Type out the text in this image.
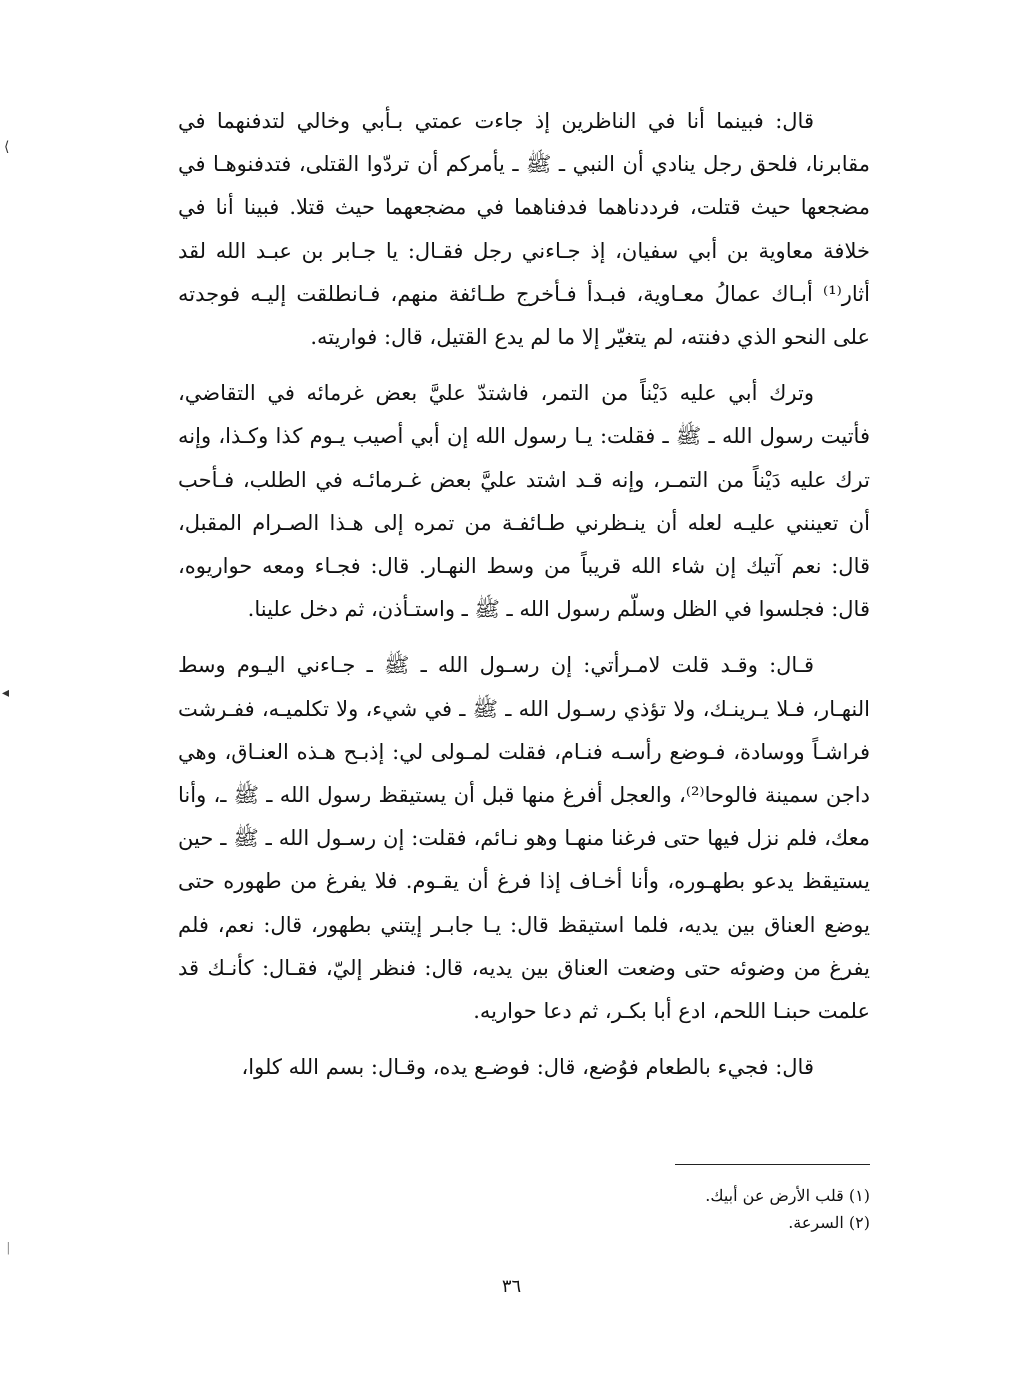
قال: فبينما أنا في الناظرين إذ جاءت عمتي بـأبي وخالي لتدفنهما في مقابرنا، فلحق رجل ينادي أن النبي ـ ﷺ ـ يأمركم أن تردّوا القتلى، فتدفنوهـا في مضجعها حيث قتلت، فرددناهما فدفناهما في مضجعهما حيث قتلا. فبينا أنا في خلافة معاوية بن أبي سفيان، إذ جـاءني رجل فقـال: يا جـابر بن عبـد الله لقد أثار⁽¹⁾ أبـاك عمالُ معـاوية، فبـدأ فـأخرج طـائفة منهم، فـانطلقت إليـه فوجدته على النحو الذي دفنته، لم يتغيّر إلا ما لم يدع القتيل، قال: فواريته.

وترك أبي عليه دَيْناً من التمر، فاشتدّ عليَّ بعض غرمائه في التقاضي، فأتيت رسول الله ـ ﷺ ـ فقلت: يـا رسول الله إن أبي أصيب يـوم كذا وكـذا، وإنه ترك عليه دَيْناً من التمـر، وإنه قـد اشتد عليَّ بعض غـرمائـه في الطلب، فـأحب أن تعينني عليـه لعله أن ينـظرني طـائفـة من تمره إلى هـذا الصـرام المقبل، قال: نعم آتيك إن شاء الله قريباً من وسط النهـار. قال: فجـاء ومعه حواريوه، قال: فجلسوا في الظل وسلّم رسول الله ـ ﷺ ـ واستـأذن، ثم دخل علينا.

قـال: وقـد قلت لامـرأتي: إن رسـول الله ـ ﷺ ـ جـاءني اليـوم وسط النهـار، فـلا يـرينـك، ولا تؤذي رسـول الله ـ ﷺ ـ في شيء، ولا تكلميـه، ففـرشت فراشـاً ووسادة، فـوضع رأسـه فنـام، فقلت لمـولى لي: إذبـح هـذه العنـاق، وهي داجن سمينة فالوحا⁽²⁾، والعجل أفرغ منها قبل أن يستيقظ رسول الله ـ ﷺ ـ، وأنا معك، فلم نزل فيها حتى فرغنا منهـا وهو نـائم، فقلت: إن رسـول الله ـ ﷺ ـ حين يستيقظ يدعو بطهـوره، وأنا أخـاف إذا فرغ أن يقـوم. فلا يفرغ من طهوره حتى يوضع العناق بين يديه، فلما استيقظ قال: يـا جابـر إيتني بطهور، قال: نعم، فلم يفرغ من وضوئه حتى وضعت العناق بين يديه، قال: فنظر إليّ، فقـال: كأنـك قد علمت حبنـا اللحم، ادع أبا بكـر، ثم دعا حواريه.

قال: فجيء بالطعام فوُضع، قال: فوضـع يده، وقـال: بسم الله كلوا،

(١) قلب الأرض عن أبيك.
(٢) السرعة.
٣٦
⟨
◂
ᛁ
